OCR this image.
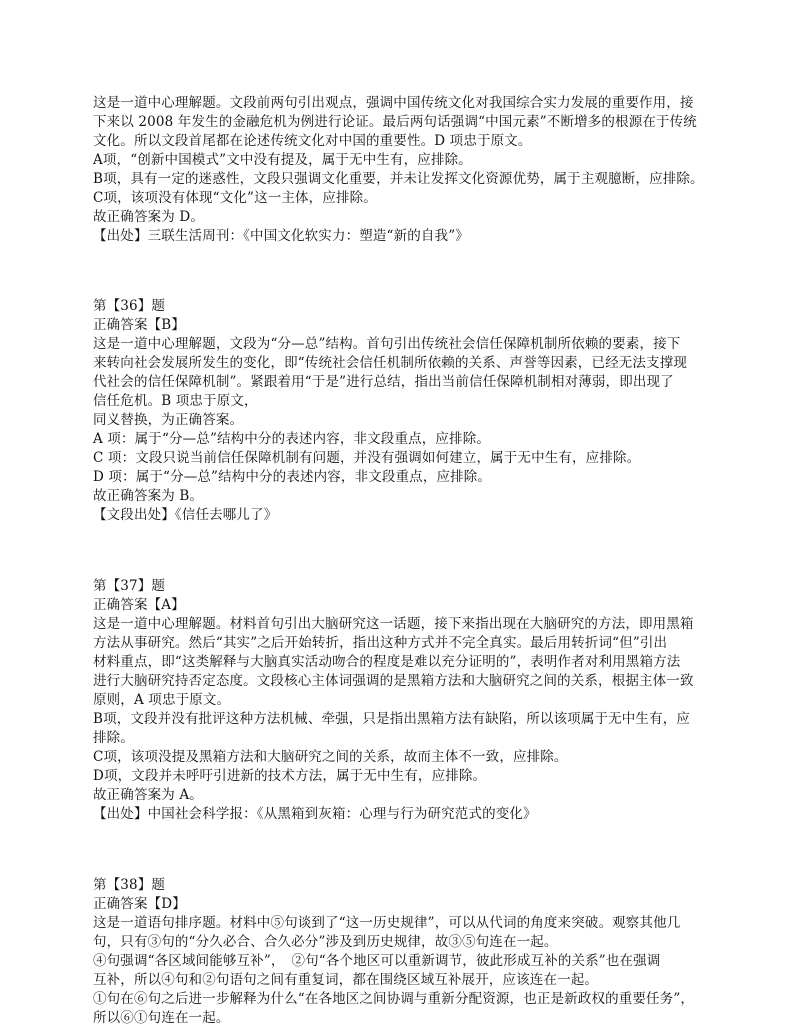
这是一道中心理解题。文段前两句引出观点，强调中国传统文化对我国综合实力发展的重要作用，接
下来以 2008 年发生的金融危机为例进行论证。最后两句话强调“中国元素”不断增多的根源在于传统
文化。所以文段首尾都在论述传统文化对中国的重要性。D 项忠于原文。
A项，“创新中国模式”文中没有提及，属于无中生有，应排除。
B项，具有一定的迷惑性，文段只强调文化重要，并未让发挥文化资源优势，属于主观臆断，应排除。
C项，该项没有体现“文化”这一主体，应排除。
故正确答案为 D。
【出处】三联生活周刊：《中国文化软实力：塑造“新的自我”》
第【36】题
正确答案【B】
这是一道中心理解题，文段为“分—总”结构。首句引出传统社会信任保障机制所依赖的要素，接下
来转向社会发展所发生的变化，即“传统社会信任机制所依赖的关系、声誉等因素，已经无法支撑现
代社会的信任保障机制”。紧跟着用“于是”进行总结，指出当前信任保障机制相对薄弱，即出现了
信任危机。B 项忠于原文，
同义替换，为正确答案。
A 项：属于“分—总”结构中分的表述内容，非文段重点，应排除。
C 项：文段只说当前信任保障机制有问题，并没有强调如何建立，属于无中生有，应排除。
D 项：属于“分—总”结构中分的表述内容，非文段重点，应排除。
故正确答案为 B。
【文段出处】《信任去哪儿了》
第【37】题
正确答案【A】
这是一道中心理解题。材料首句引出大脑研究这一话题，接下来指出现在大脑研究的方法，即用黑箱
方法从事研究。然后“其实”之后开始转折，指出这种方式并不完全真实。最后用转折词“但”引出
材料重点，即“这类解释与大脑真实活动吻合的程度是难以充分证明的”，表明作者对利用黑箱方法
进行大脑研究持否定态度。文段核心主体词强调的是黑箱方法和大脑研究之间的关系，根据主体一致
原则，A 项忠于原文。
B项，文段并没有批评这种方法机械、牵强，只是指出黑箱方法有缺陷，所以该项属于无中生有，应
排除。
C项，该项没提及黑箱方法和大脑研究之间的关系，故而主体不一致，应排除。
D项，文段并未呼吁引进新的技术方法，属于无中生有，应排除。
故正确答案为 A。
【出处】中国社会科学报：《从黑箱到灰箱：心理与行为研究范式的变化》
第【38】题
正确答案【D】
这是一道语句排序题。材料中⑤句谈到了“这一历史规律”，可以从代词的角度来突破。观察其他几
句，只有③句的“分久必合、合久必分”涉及到历史规律，故③⑤句连在一起。
④句强调“各区域间能够互补”，　②句“各个地区可以重新调节，彼此形成互补的关系”也在强调
互补，所以④句和②句语句之间有重复词，都在围绕区域互补展开，应该连在一起。
①句在⑥句之后进一步解释为什么“在各地区之间协调与重新分配资源，也正是新政权的重要任务”，
所以⑥①句连在一起。
